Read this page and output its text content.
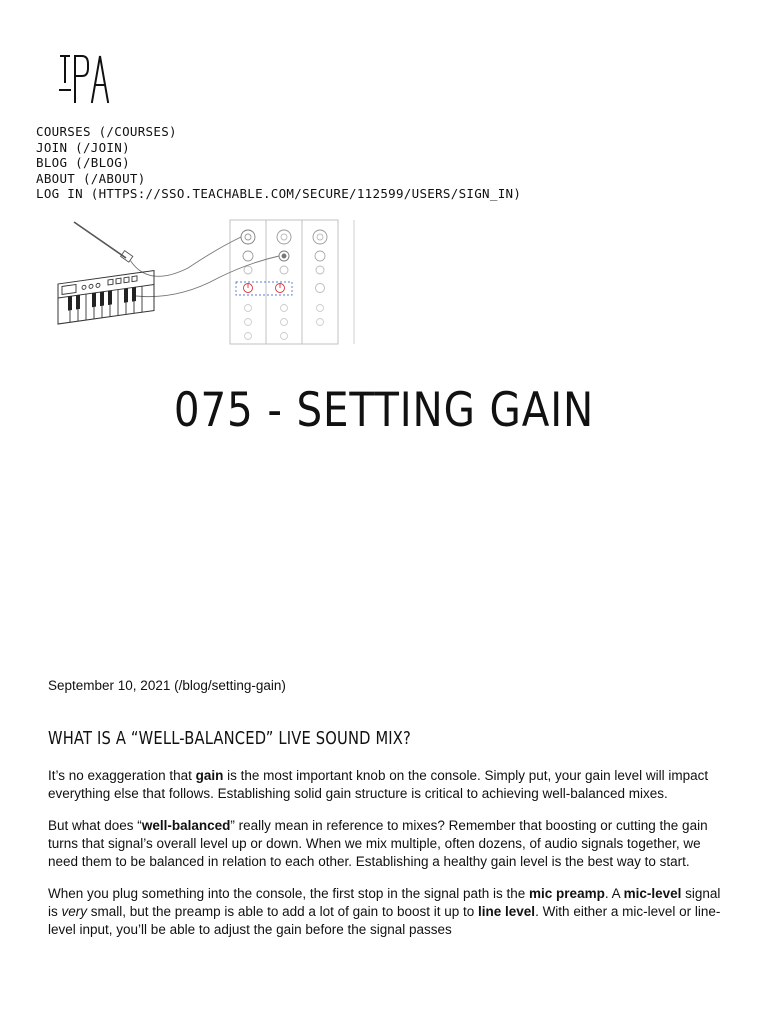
COURSES (/COURSES)
JOIN (/JOIN)
BLOG (/BLOG)
ABOUT (/ABOUT)
LOG IN (HTTPS://SSO.TEACHABLE.COM/SECURE/112599/USERS/SIGN_IN)
075 - SETTING GAIN
September 10, 2021 (/blog/setting-gain)
WHAT IS A “WELL-BALANCED” LIVE SOUND MIX?

It’s no exaggeration that gain is the most important knob on the console. Simply put, your gain level will impact everything else that follows. Establishing solid gain structure is critical to achieving well-balanced mixes.

But what does “well-balanced” really mean in reference to mixes? Remember that boosting or cutting the gain turns that signal’s overall level up or down. When we mix multiple, often dozens, of audio signals together, we need them to be balanced in relation to each other. Establishing a healthy gain level is the best way to start.

When you plug something into the console, the first stop in the signal path is the mic preamp. A mic-level signal is very small, but the preamp is able to add a lot of gain to boost it up to line level. With either a mic-level or line-level input, you’ll be able to adjust the gain before the signal passes
